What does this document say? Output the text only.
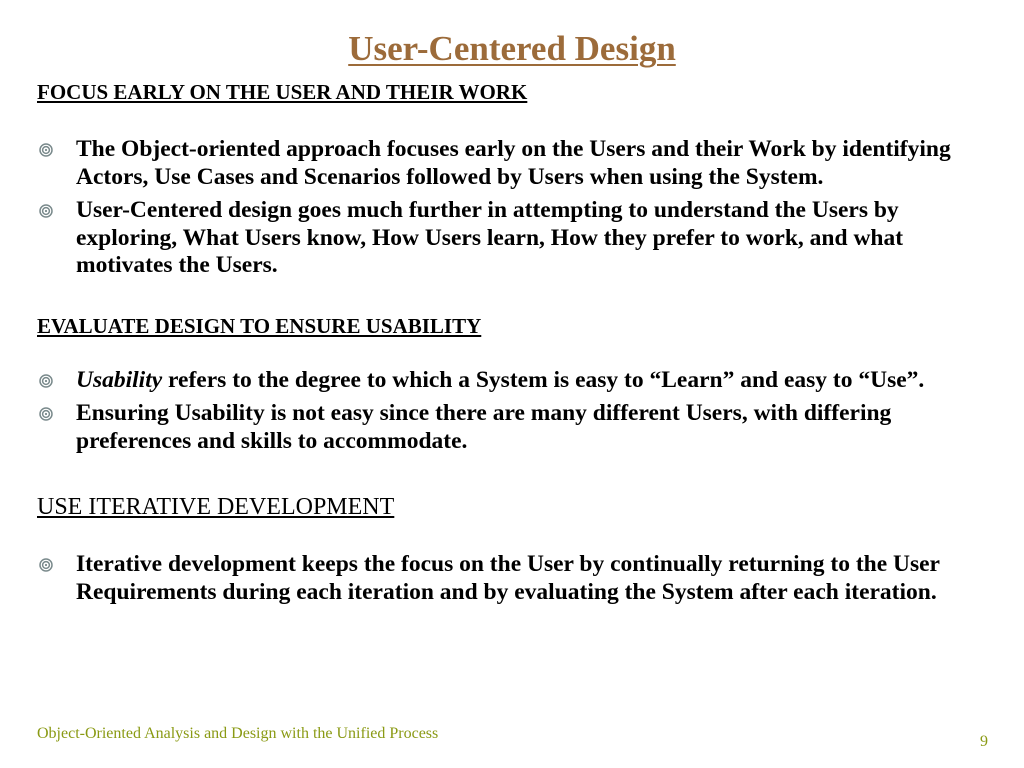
User-Centered Design

FOCUS EARLY ON THE USER AND THEIR WORK

The Object-oriented approach focuses early on the Users and their Work by identifying Actors, Use Cases and Scenarios followed by Users when using the System.
User-Centered design goes much further in attempting to understand the Users by exploring, What Users know, How Users learn, How they prefer to work, and what motivates the Users.

EVALUATE DESIGN TO ENSURE USABILITY

Usability refers to the degree to which a System is easy to “Learn” and easy to “Use”.
Ensuring Usability is not easy since there are many different Users, with differing preferences and skills to accommodate.

USE ITERATIVE DEVELOPMENT

Iterative development keeps the focus on the User by continually returning to the User Requirements during each iteration and by evaluating the System after each iteration.
Object-Oriented Analysis and Design with the Unified Process	9
